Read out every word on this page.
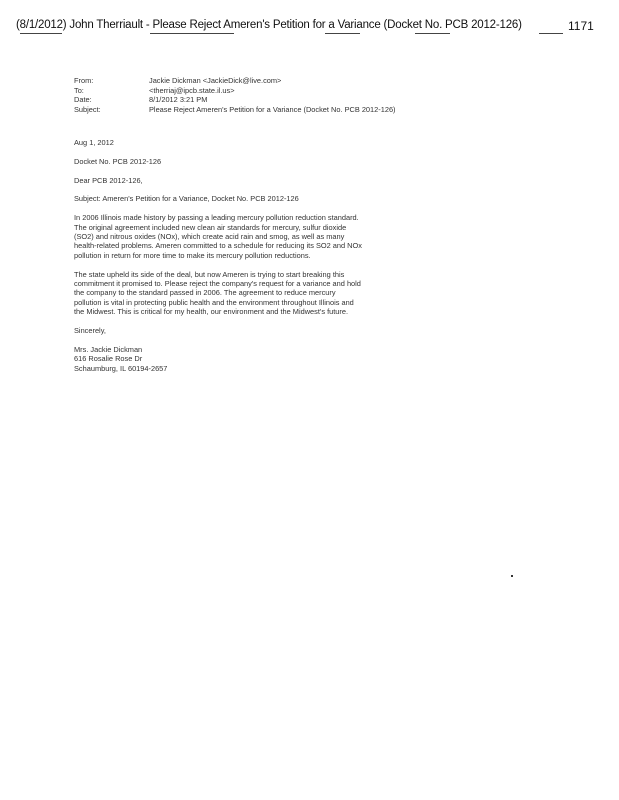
(8/1/2012) John Therriault - Please Reject Ameren's Petition for a Variance (Docket No. PCB 2012-126)	1171
From:	Jackie Dickman <JackieDick@live.com>
To:	<therriaj@ipcb.state.il.us>
Date:	8/1/2012 3:21 PM
Subject:	Please Reject Ameren's Petition for a Variance (Docket No. PCB 2012-126)

Aug 1, 2012

Docket No. PCB 2012-126

Dear PCB 2012-126,

Subject: Ameren's Petition for a Variance, Docket No. PCB 2012-126

In 2006 Illinois made history by passing a leading mercury pollution reduction standard. The original agreement included new clean air standards for mercury, sulfur dioxide (SO2) and nitrous oxides (NOx), which create acid rain and smog, as well as many health-related problems. Ameren committed to a schedule for reducing its SO2 and NOx pollution in return for more time to make its mercury pollution reductions.

The state upheld its side of the deal, but now Ameren is trying to start breaking this commitment it promised to. Please reject the company's request for a variance and hold the company to the standard passed in 2006. The agreement to reduce mercury pollution is vital in protecting public health and the environment throughout Illinois and the Midwest. This is critical for my health, our environment and the Midwest's future.

Sincerely,

Mrs. Jackie Dickman

616 Rosalie Rose Dr

Schaumburg, IL 60194-2657
